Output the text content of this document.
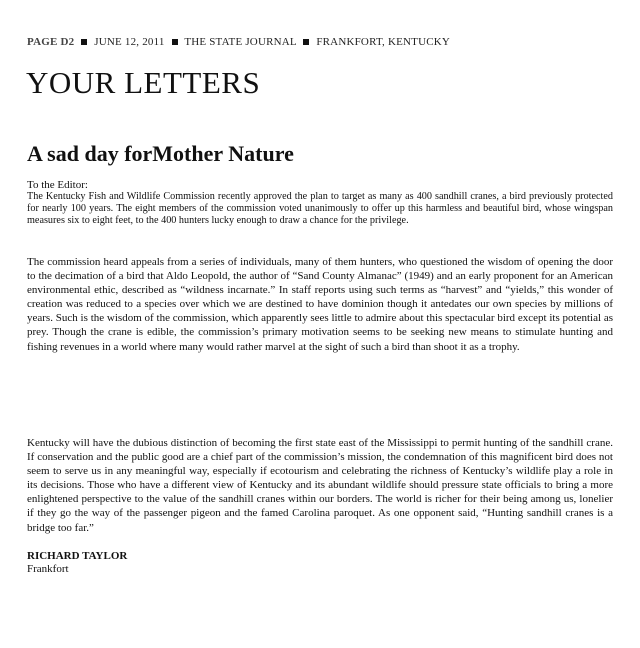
PAGE D2 JUNE 12, 2011 THE STATE JOURNAL FRANKFORT, KENTUCKY
YOUR LETTERS
A sad day forMother Nature
To the Editor:

The Kentucky Fish and Wildlife Commission recently approved the plan to target as many as 400 sandhill cranes, a bird previously protected for nearly 100 years. The eight members of the commission voted unanimously to offer up this harmless and beautiful bird, whose wingspan measures six to eight feet, to the 400 hunters lucky enough to draw a chance for the privilege.

The commission heard appeals from a series of individuals, many of them hunters, who questioned the wisdom of opening the door to the decimation of a bird that Aldo Leopold, the author of “Sand County Almanac” (1949) and an early proponent for an American environmental ethic, described as “wildness incarnate.” In staff reports using such terms as “harvest” and “yields,” this wonder of creation was reduced to a species over which we are destined to have dominion though it antedates our own species by millions of years. Such is the wisdom of the commission, which apparently sees little to admire about this spectacular bird except its potential as prey. Though the crane is edible, the commission’s primary motivation seems to be seeking new means to stimulate hunting and fishing revenues in a world where many would rather marvel at the sight of such a bird than shoot it as a trophy.

Kentucky will have the dubious distinction of becoming the first state east of the Mississippi to permit hunting of the sandhill crane. If conservation and the public good are a chief part of the commission’s mission, the condemnation of this magnificent bird does not seem to serve us in any meaningful way, especially if ecotourism and celebrating the richness of Kentucky’s wildlife play a role in its decisions. Those who have a different view of Kentucky and its abundant wildlife should pressure state officials to bring a more enlightened perspective to the value of the sandhill cranes within our borders. The world is richer for their being among us, lonelier if they go the way of the passenger pigeon and the famed Carolina paroquet. As one opponent said, “Hunting sandhill cranes is a bridge too far.”

RICHARD TAYLOR
Frankfort
